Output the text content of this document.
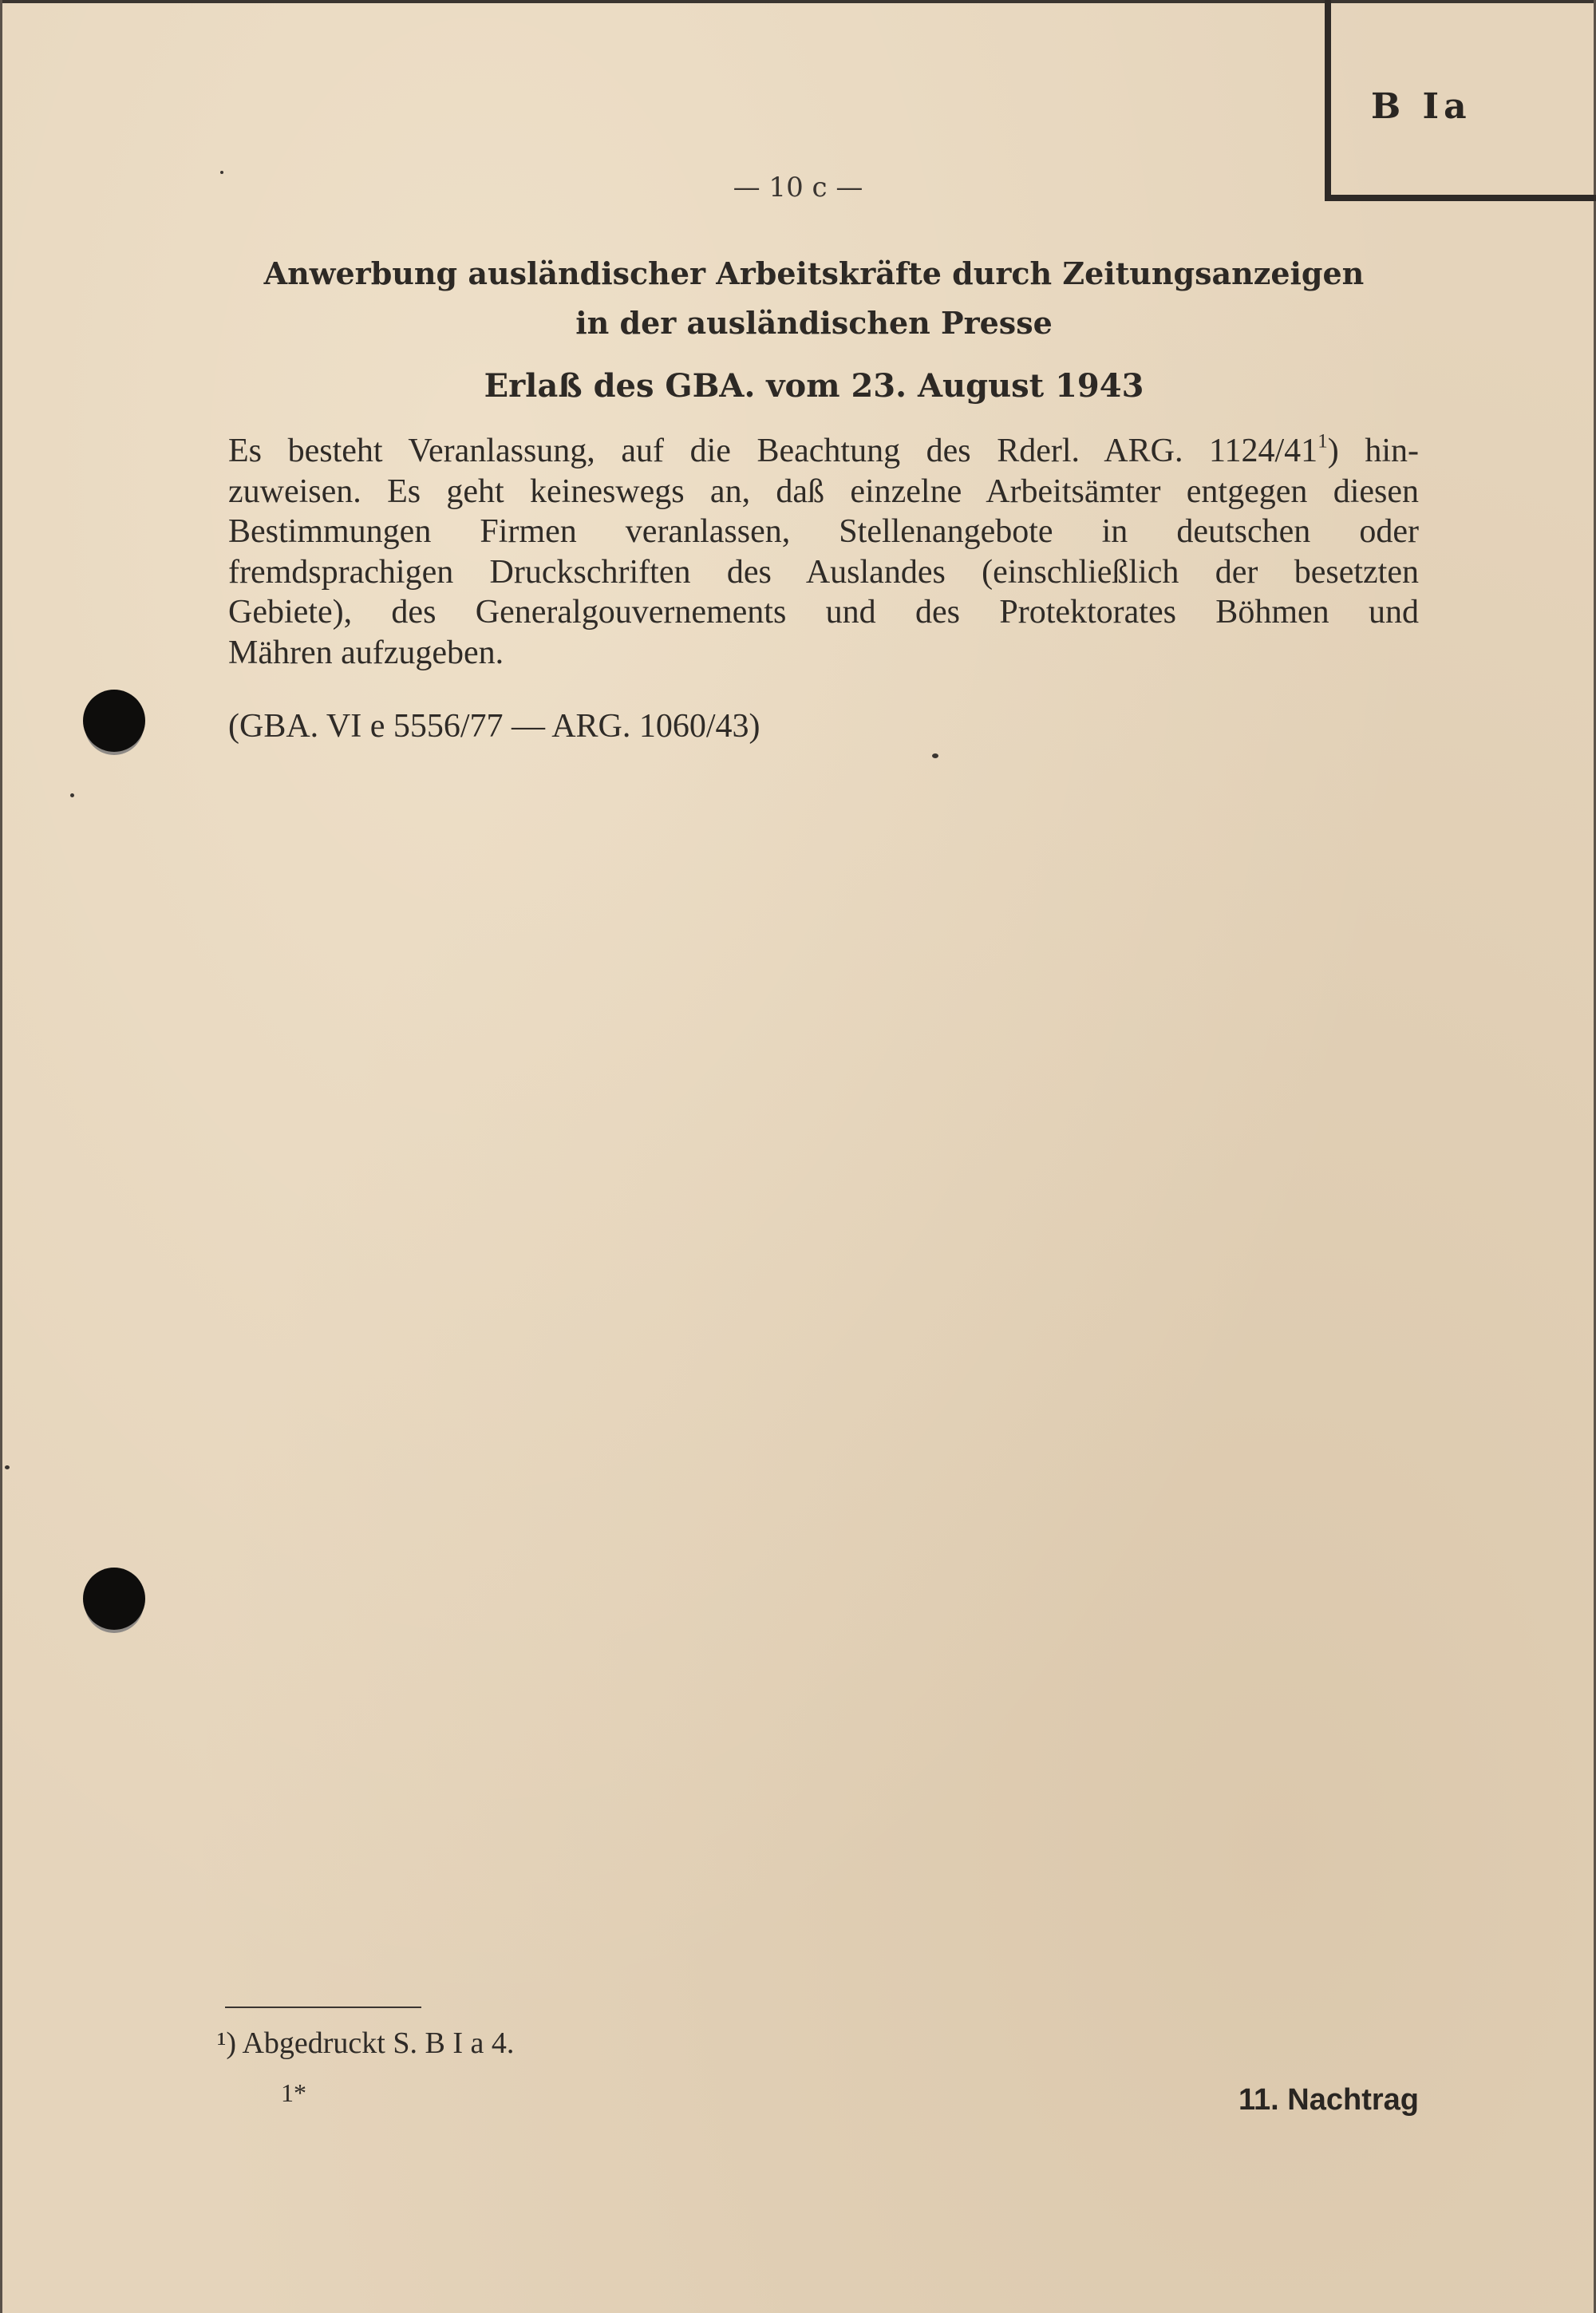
B Ia
— 10 c —
Anwerbung ausländischer Arbeitskräfte durch Zeitungsanzeigen
in der ausländischen Presse
Erlaß des GBA. vom 23. August 1943
Es besteht Veranlassung, auf die Beachtung des Rderl. ARG. $1124/41^1$) hin-
zuweisen. Es geht keineswegs an, daß einzelne Arbeitsämter entgegen diesen
Bestimmungen Firmen veranlassen, Stellenangebote in deutschen oder
fremdsprachigen Druckschriften des Auslandes (einschließlich der besetzten
Gebiete), des Generalgouvernements und des Protektorates Böhmen und
Mähren aufzugeben.
(GBA. VI e 5556/77 — ARG. 1060/43)
¹) Abgedruckt S. B I a 4.
1*	11. Nachtrag
